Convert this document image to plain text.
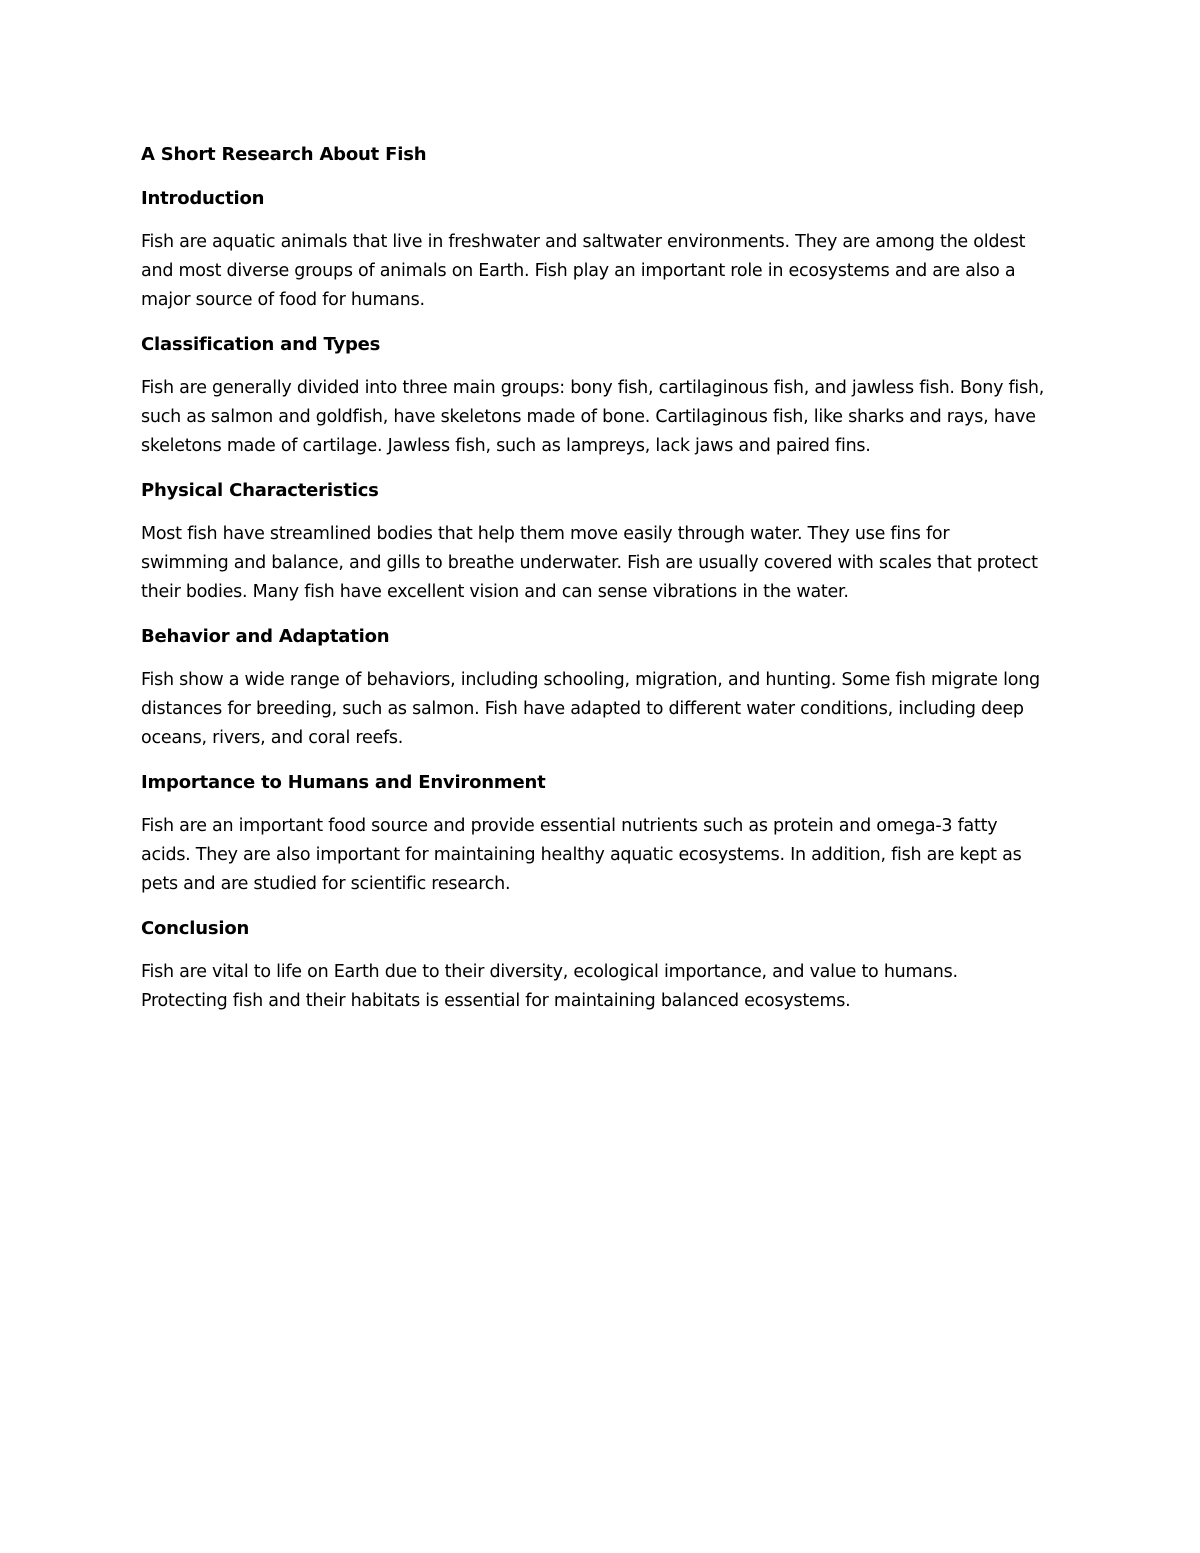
A Short Research About Fish
Introduction
Fish are aquatic animals that live in freshwater and saltwater environments. They are among the oldest
and most diverse groups of animals on Earth. Fish play an important role in ecosystems and are also a
major source of food for humans.
Classification and Types
Fish are generally divided into three main groups: bony fish, cartilaginous fish, and jawless fish. Bony fish,
such as salmon and goldfish, have skeletons made of bone. Cartilaginous fish, like sharks and rays, have
skeletons made of cartilage. Jawless fish, such as lampreys, lack jaws and paired fins.
Physical Characteristics
Most fish have streamlined bodies that help them move easily through water. They use fins for
swimming and balance, and gills to breathe underwater. Fish are usually covered with scales that protect
their bodies. Many fish have excellent vision and can sense vibrations in the water.
Behavior and Adaptation
Fish show a wide range of behaviors, including schooling, migration, and hunting. Some fish migrate long
distances for breeding, such as salmon. Fish have adapted to different water conditions, including deep
oceans, rivers, and coral reefs.
Importance to Humans and Environment
Fish are an important food source and provide essential nutrients such as protein and omega-3 fatty
acids. They are also important for maintaining healthy aquatic ecosystems. In addition, fish are kept as
pets and are studied for scientific research.
Conclusion
Fish are vital to life on Earth due to their diversity, ecological importance, and value to humans.
Protecting fish and their habitats is essential for maintaining balanced ecosystems.
